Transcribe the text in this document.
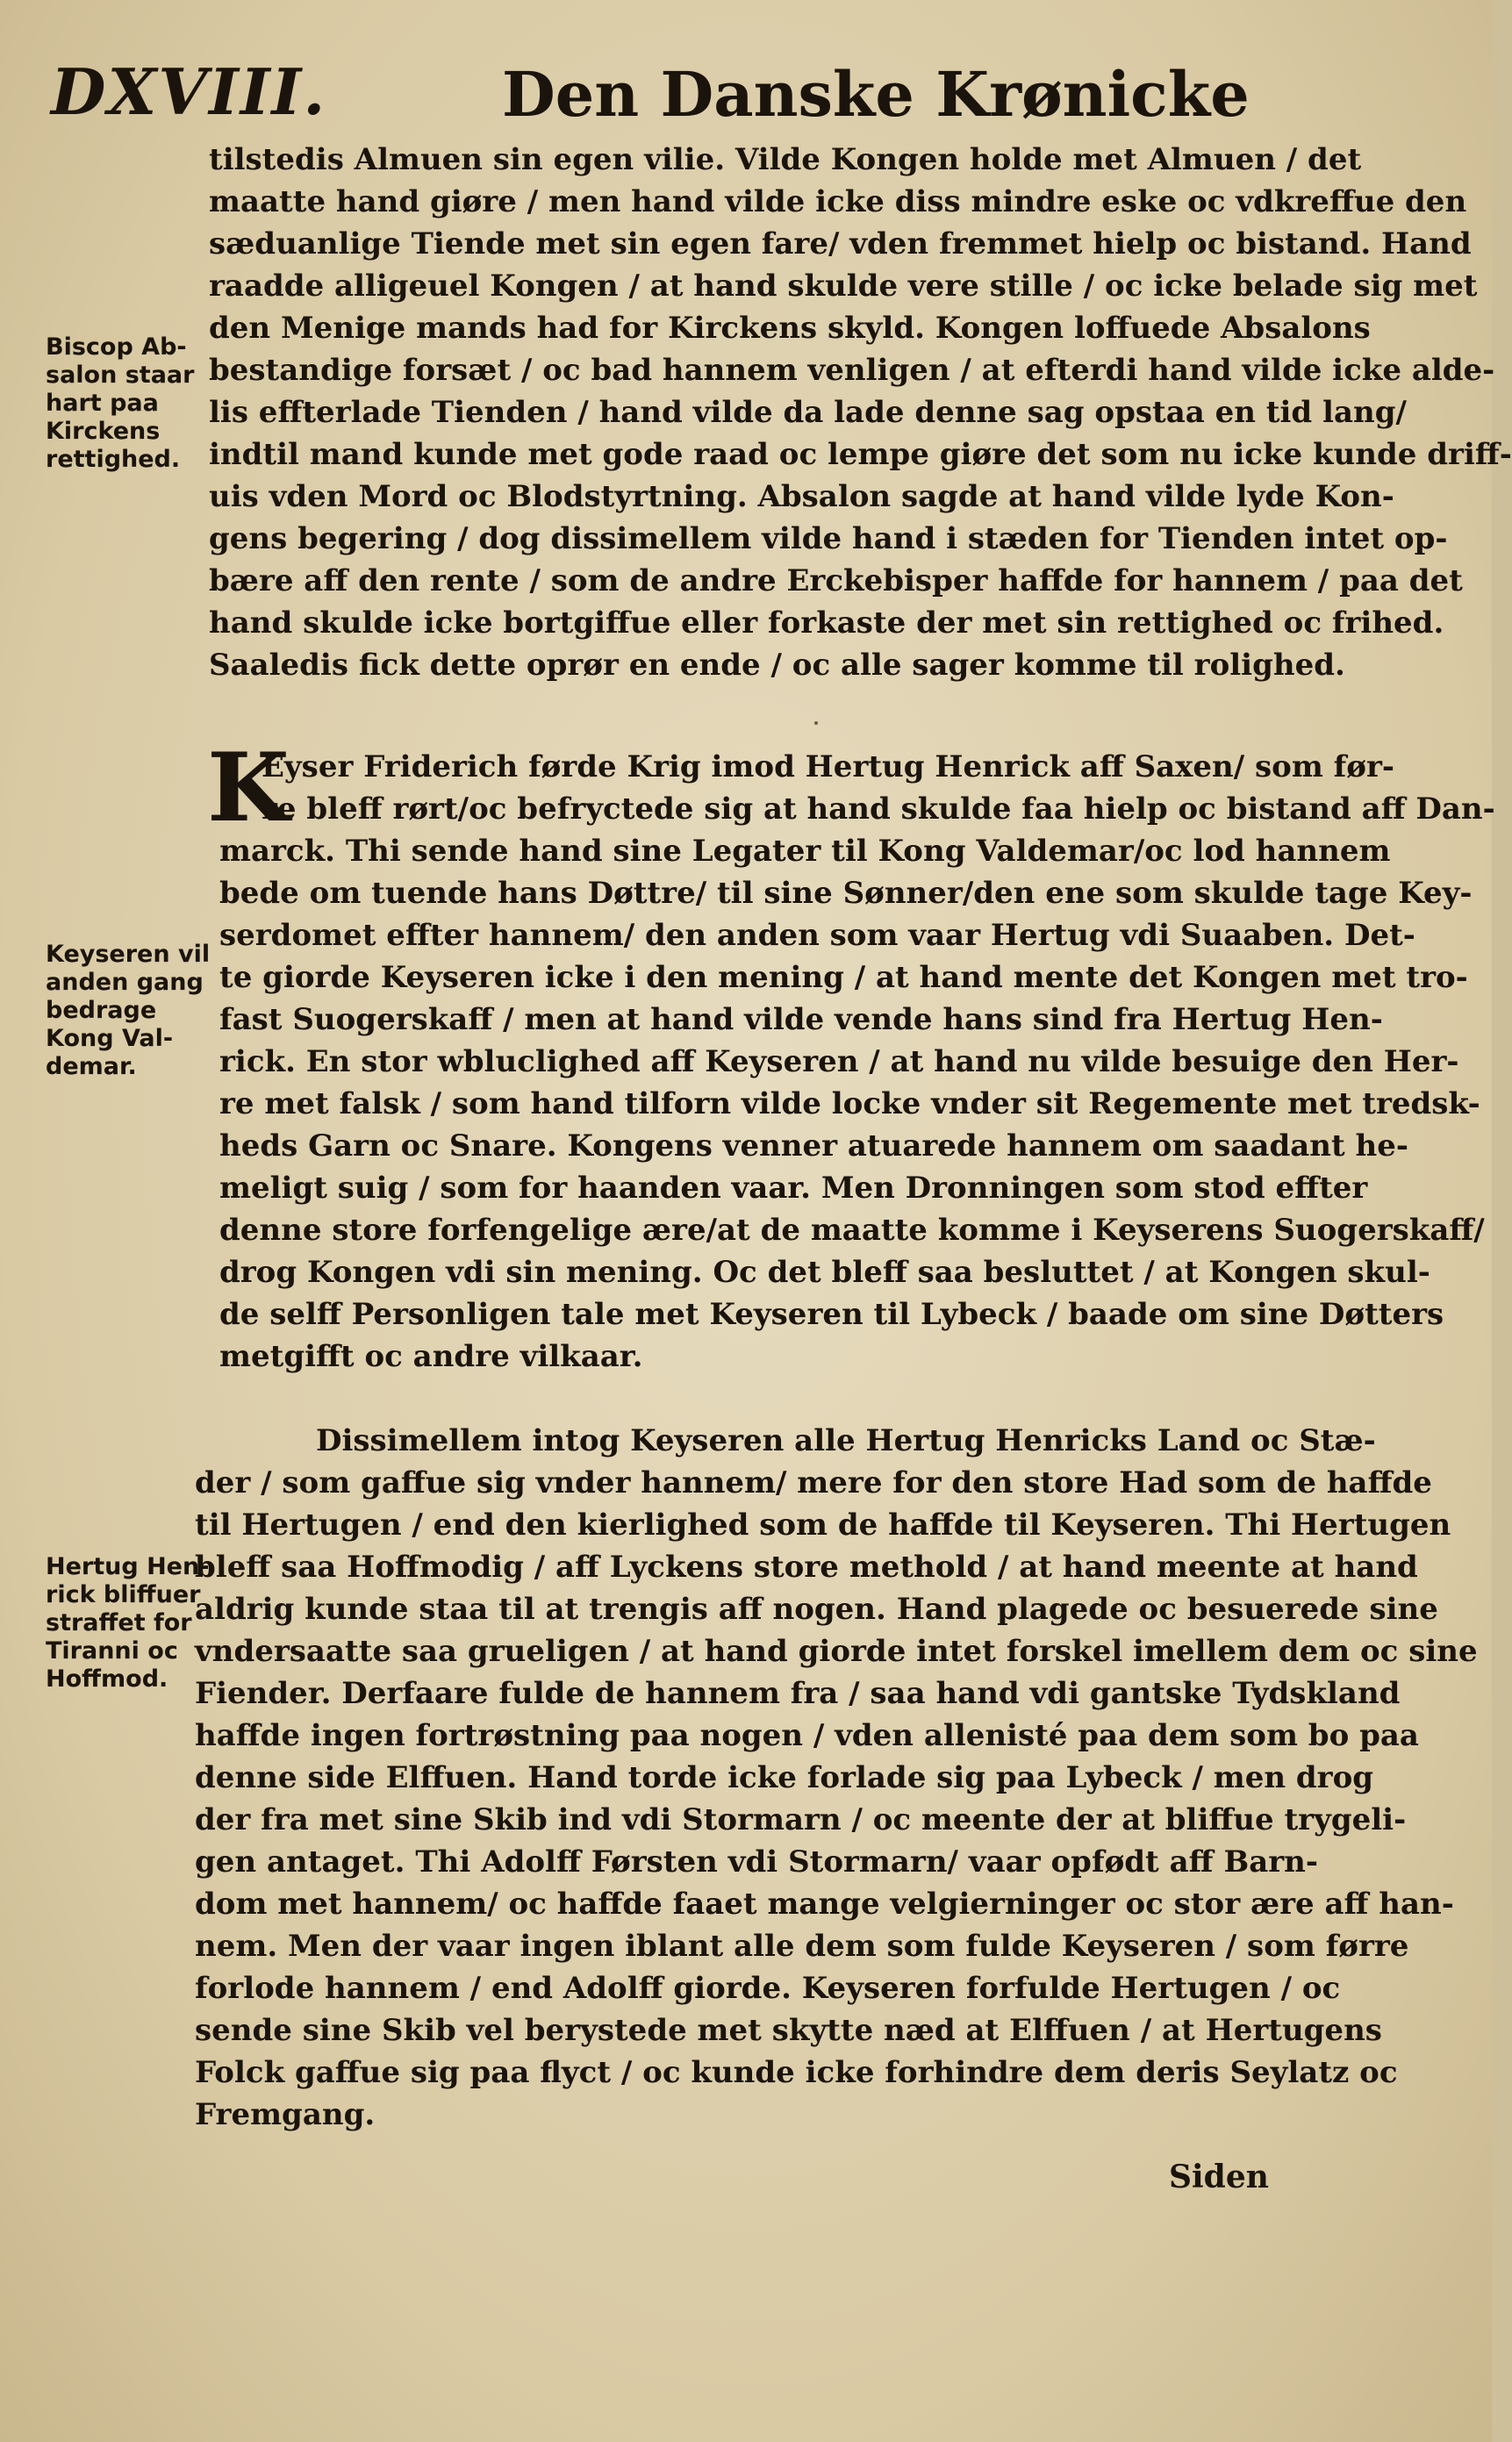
DXVIII.	Den Danske Krønicke
tilstedis Almuen sin egen vilie. Vilde Kongen holde met Almuen / det
maatte hand giøre / men hand vilde icke diss mindre eske oc vdkreffue den
sæduanlige Tiende met sin egen fare/ vden fremmet hielp oc bistand. Hand
raadde alligeuel Kongen / at hand skulde vere stille / oc icke belade sig met
den Menige mands had for Kirckens skyld. Kongen loffuede Absalons
bestandige forsæt / oc bad hannem venligen / at efterdi hand vilde icke alde-
lis effterlade Tienden / hand vilde da lade denne sag opstaa en tid lang/
indtil mand kunde met gode raad oc lempe giøre det som nu icke kunde driff-
uis vden Mord oc Blodstyrtning. Absalon sagde at hand vilde lyde Kon-
gens begering / dog dissimellem vilde hand i stæden for Tienden intet op-
bære aff den rente / som de andre Erckebisper haffde for hannem / paa det
hand skulde icke bortgiffue eller forkaste der met sin rettighed oc frihed.
Saaledis fick dette oprør en ende / oc alle sager komme til rolighed.
K
Eyser Friderich førde Krig imod Hertug Henrick aff Saxen/ som før-
re bleff rørt/oc befryctede sig at hand skulde faa hielp oc bistand aff Dan-
marck. Thi sende hand sine Legater til Kong Valdemar/oc lod hannem
bede om tuende hans Døttre/ til sine Sønner/den ene som skulde tage Key-
serdomet effter hannem/ den anden som vaar Hertug vdi Suaaben. Det-
te giorde Keyseren icke i den mening / at hand mente det Kongen met tro-
fast Suogerskaff / men at hand vilde vende hans sind fra Hertug Hen-
rick. En stor wbluclighed aff Keyseren / at hand nu vilde besuige den Her-
re met falsk / som hand tilforn vilde locke vnder sit Regemente met tredsk-
heds Garn oc Snare. Kongens venner atuarede hannem om saadant he-
meligt suig / som for haanden vaar. Men Dronningen som stod effter
denne store forfengelige ære/at de maatte komme i Keyserens Suogerskaff/
drog Kongen vdi sin mening. Oc det bleff saa besluttet / at Kongen skul-
de selff Personligen tale met Keyseren til Lybeck / baade om sine Døtters
metgifft oc andre vilkaar.
Dissimellem intog Keyseren alle Hertug Henricks Land oc Stæ-
der / som gaffue sig vnder hannem/ mere for den store Had som de haffde
til Hertugen / end den kierlighed som de haffde til Keyseren. Thi Hertugen
bleff saa Hoffmodig / aff Lyckens store methold / at hand meente at hand
aldrig kunde staa til at trengis aff nogen. Hand plagede oc besuerede sine
vndersaatte saa grueligen / at hand giorde intet forskel imellem dem oc sine
Fiender. Derfaare fulde de hannem fra / saa hand vdi gantske Tydskland
haffde ingen fortrøstning paa nogen / vden allenisté paa dem som bo paa
denne side Elffuen. Hand torde icke forlade sig paa Lybeck / men drog
der fra met sine Skib ind vdi Stormarn / oc meente der at bliffue trygeli-
gen antaget. Thi Adolff Førsten vdi Stormarn/ vaar opfødt aff Barn-
dom met hannem/ oc haffde faaet mange velgierninger oc stor ære aff han-
nem. Men der vaar ingen iblant alle dem som fulde Keyseren / som førre
forlode hannem / end Adolff giorde. Keyseren forfulde Hertugen / oc
sende sine Skib vel berystede met skytte næd at Elffuen / at Hertugens
Folck gaffue sig paa flyct / oc kunde icke forhindre dem deris Seylatz oc
Fremgang.
Biscop Ab-
salon staar
hart paa
Kirckens
rettighed.
Keyseren vil
anden gang
bedrage
Kong Val-
demar.
Hertug Hen-
rick bliffuer
straffet for
Tiranni oc
Hoffmod.
Siden
